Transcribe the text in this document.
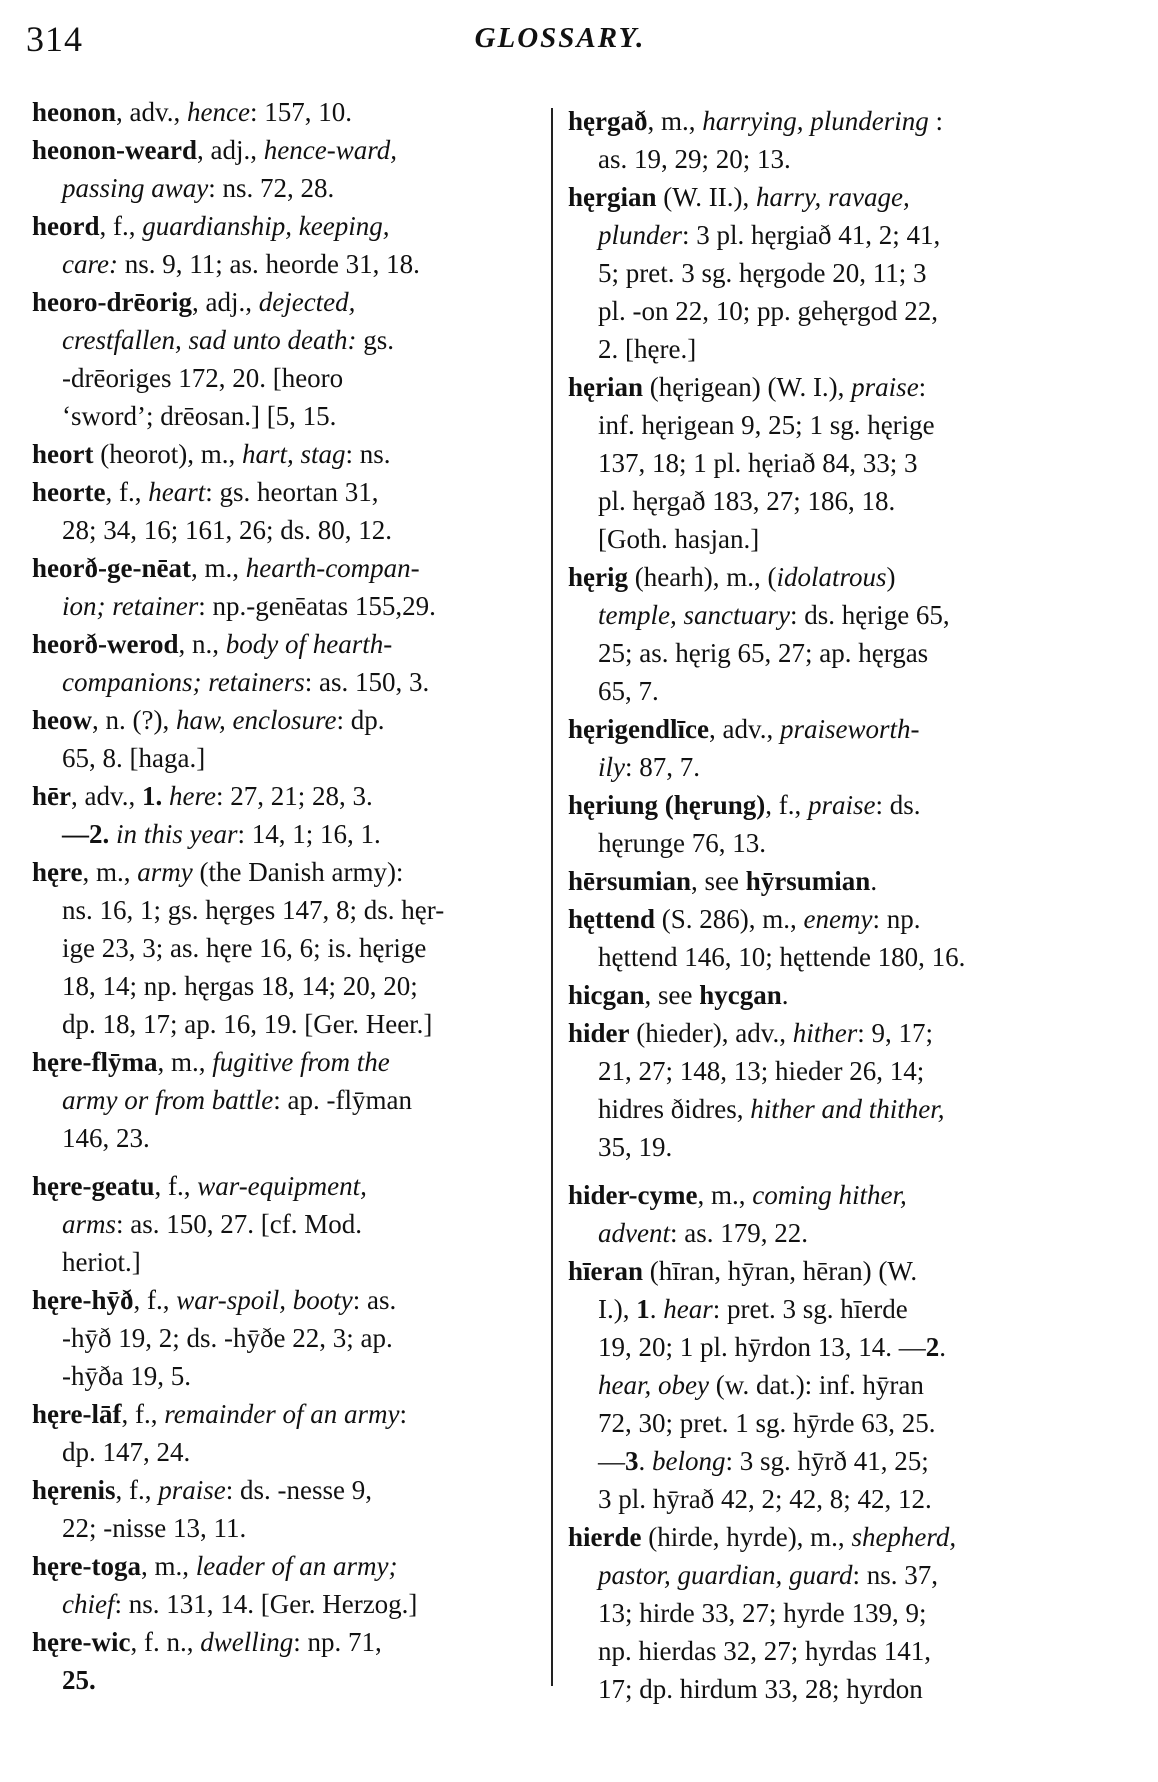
314	GLOSSARY.
heonon, adv., hence: 157, 10.
heonon-weard, adj., hence-ward,
passing away: ns. 72, 28.
heord, f., guardianship, keeping,
care: ns. 9, 11; as. heorde 31, 18.
heoro-drēorig, adj., dejected,
crestfallen, sad unto death: gs.
-drēoriges 172, 20. [heoro
‘sword’; drēosan.] [5, 15.
heort (heorot), m., hart, stag: ns.
heorte, f., heart: gs. heortan 31,
28; 34, 16; 161, 26; ds. 80, 12.
heorð-ge-nēat, m., hearth-compan-
ion; retainer: np.-genēatas 155,29.
heorð-werod, n., body of hearth-
companions; retainers: as. 150, 3.
heow, n. (?), haw, enclosure: dp.
65, 8. [haga.]
hēr, adv., 1. here: 27, 21; 28, 3.
—2. in this year: 14, 1; 16, 1.
hęre, m., army (the Danish army):
ns. 16, 1; gs. hęrges 147, 8; ds. hęr-
ige 23, 3; as. hęre 16, 6; is. hęrige
18, 14; np. hęrgas 18, 14; 20, 20;
dp. 18, 17; ap. 16, 19. [Ger. Heer.]
hęre-flȳma, m., fugitive from the
army or from battle: ap. -flȳman
146, 23.
hęre-geatu, f., war-equipment,
arms: as. 150, 27. [cf. Mod.
heriot.]
hęre-hȳð, f., war-spoil, booty: as.
-hȳð 19, 2; ds. -hȳðe 22, 3; ap.
-hȳða 19, 5.
hęre-lāf, f., remainder of an army:
dp. 147, 24.
hęrenis, f., praise: ds. -nesse 9,
22; -nisse 13, 11.
hęre-toga, m., leader of an army;
chief: ns. 131, 14. [Ger. Herzog.]
hęre-wic, f. n., dwelling: np. 71,
25.
hęrgað, m., harrying, plundering :
as. 19, 29; 20; 13.
hęrgian (W. II.), harry, ravage,
plunder: 3 pl. hęrgiað 41, 2; 41,
5; pret. 3 sg. hęrgode 20, 11; 3
pl. -on 22, 10; pp. gehęrgod 22,
2. [hęre.]
hęrian (hęrigean) (W. I.), praise:
inf. hęrigean 9, 25; 1 sg. hęrige
137, 18; 1 pl. hęriað 84, 33; 3
pl. hęrgað 183, 27; 186, 18.
[Goth. hasjan.]
hęrig (hearh), m., (idolatrous)
temple, sanctuary: ds. hęrige 65,
25; as. hęrig 65, 27; ap. hęrgas
65, 7.
hęrigendlīce, adv., praiseworth-
ily: 87, 7.
hęriung (hęrung), f., praise: ds.
hęrunge 76, 13.
hērsumian, see hȳrsumian.
hęttend (S. 286), m., enemy: np.
hęttend 146, 10; hęttende 180, 16.
hicgan, see hycgan.
hider (hieder), adv., hither: 9, 17;
21, 27; 148, 13; hieder 26, 14;
hidres ðidres, hither and thither,
35, 19.
hider-cyme, m., coming hither,
advent: as. 179, 22.
hīeran (hīran, hȳran, hēran) (W.
I.), 1. hear: pret. 3 sg. hīerde
19, 20; 1 pl. hȳrdon 13, 14. —2.
hear, obey (w. dat.): inf. hȳran
72, 30; pret. 1 sg. hȳrde 63, 25.
—3. belong: 3 sg. hȳrð 41, 25;
3 pl. hȳrað 42, 2; 42, 8; 42, 12.
hierde (hirde, hyrde), m., shepherd,
pastor, guardian, guard: ns. 37,
13; hirde 33, 27; hyrde 139, 9;
np. hierdas 32, 27; hyrdas 141,
17; dp. hirdum 33, 28; hyrdon
